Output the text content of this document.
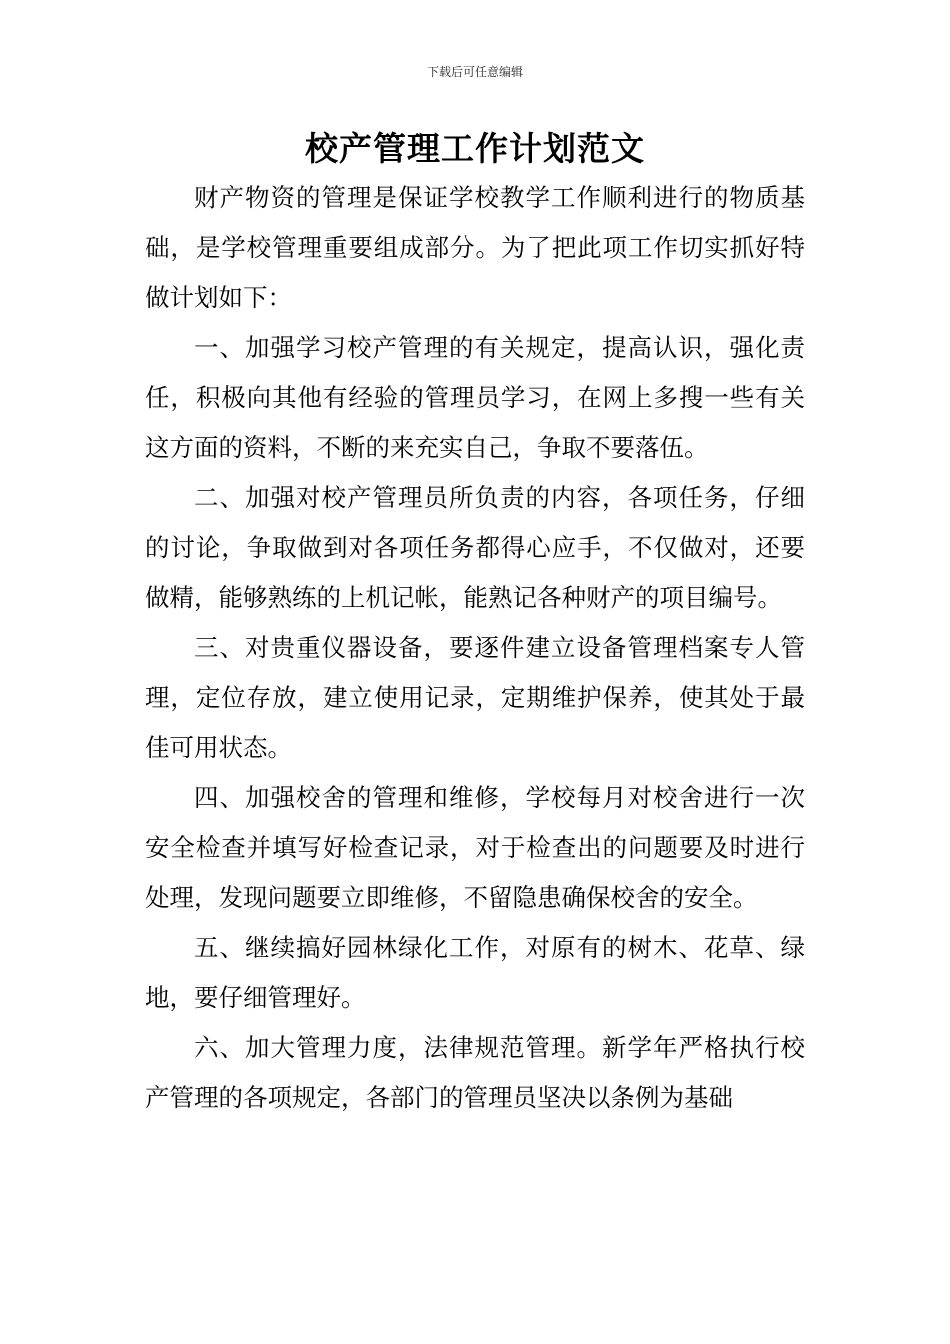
下载后可任意编辑
校产管理工作计划范文

财产物资的管理是保证学校教学工作顺利进行的物质基础，是学校管理重要组成部分。为了把此项工作切实抓好特做计划如下：

一、加强学习校产管理的有关规定，提高认识，强化责任，积极向其他有经验的管理员学习，在网上多搜一些有关这方面的资料，不断的来充实自己，争取不要落伍。

二、加强对校产管理员所负责的内容，各项任务，仔细的讨论，争取做到对各项任务都得心应手，不仅做对，还要做精，能够熟练的上机记帐，能熟记各种财产的项目编号。

三、对贵重仪器设备，要逐件建立设备管理档案专人管理，定位存放，建立使用记录，定期维护保养，使其处于最佳可用状态。

四、加强校舍的管理和维修，学校每月对校舍进行一次安全检查并填写好检查记录，对于检查出的问题要及时进行处理，发现问题要立即维修，不留隐患确保校舍的安全。

五、继续搞好园林绿化工作，对原有的树木、花草、绿地，要仔细管理好。

六、加大管理力度，法律规范管理。新学年严格执行校产管理的各项规定，各部门的管理员坚决以条例为基础
